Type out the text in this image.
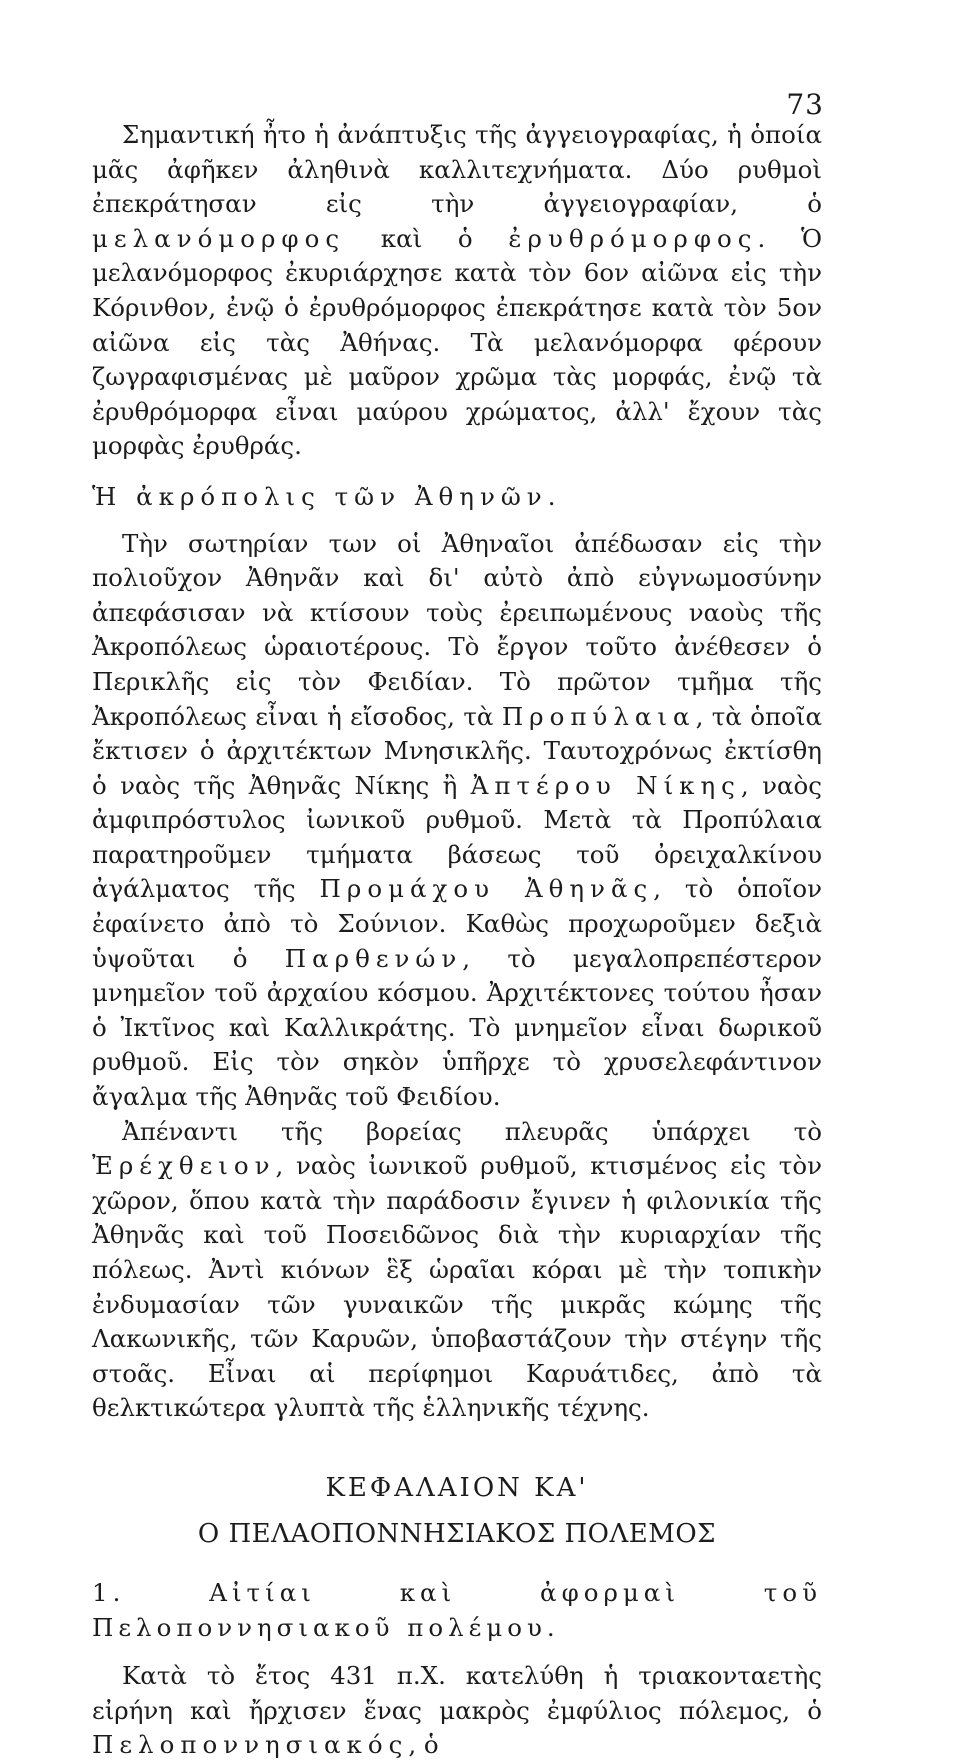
73

Σημαντική ἦτο ἡ ἀνάπτυξις τῆς ἀγγειογραφίας, ἡ ὁποία μᾶς ἀφῆκεν ἀληθινὰ καλλιτεχνήματα. Δύο ρυθμοὶ ἐπεκράτησαν εἰς τὴν ἀγγειογραφίαν, ὁ μελανόμορφος καὶ ὁ ἐρυθρόμορφος. Ὁ μελανόμορφος ἐκυριάρχησε κατὰ τὸν 6ον αἰῶνα εἰς τὴν Κόρινθον, ἐνῷ ὁ ἐρυθρόμορφος ἐπεκράτησε κατὰ τὸν 5ον αἰῶνα εἰς τὰς Ἀθήνας. Τὰ μελανόμορφα φέρουν ζωγραφισμένας μὲ μαῦρον χρῶμα τὰς μορφάς, ἐνῷ τὰ ἐρυθρόμορφα εἶναι μαύρου χρώματος, ἀλλ' ἔχουν τὰς μορφὰς ἐρυθράς.

Ἡ ἀκρόπολις τῶν Ἀθηνῶν.

Τὴν σωτηρίαν των οἱ Ἀθηναῖοι ἀπέδωσαν εἰς τὴν πολιοῦχον Ἀθηνᾶν καὶ δι' αὐτὸ ἀπὸ εὐγνωμοσύνην ἀπεφάσισαν νὰ κτίσουν τοὺς ἐρειπωμένους ναοὺς τῆς Ἀκροπόλεως ὡραιοτέρους. Τὸ ἔργον τοῦτο ἀνέθεσεν ὁ Περικλῆς εἰς τὸν Φειδίαν. Τὸ πρῶτον τμῆμα τῆς Ἀκροπόλεως εἶναι ἡ εἴσοδος, τὰ Προπύλαια, τὰ ὁποῖα ἔκτισεν ὁ ἀρχιτέκτων Μνησικλῆς. Ταυτοχρόνως ἐκτίσθη ὁ ναὸς τῆς Ἀθηνᾶς Νίκης ἢ Ἀπτέρου Νίκης, ναὸς ἀμφιπρόστυλος ἰωνικοῦ ρυθμοῦ. Μετὰ τὰ Προπύλαια παρατηροῦμεν τμήματα βάσεως τοῦ ὀρειχαλκίνου ἀγάλματος τῆς Προμάχου Ἀθηνᾶς, τὸ ὁποῖον ἐφαίνετο ἀπὸ τὸ Σούνιον. Καθὼς προχωροῦμεν δεξιὰ ὑψοῦται ὁ Παρθενών, τὸ μεγαλοπρεπέστερον μνημεῖον τοῦ ἀρχαίου κόσμου. Ἀρχιτέκτονες τούτου ἦσαν ὁ Ἰκτῖνος καὶ Καλλικράτης. Τὸ μνημεῖον εἶναι δωρικοῦ ρυθμοῦ. Εἰς τὸν σηκὸν ὑπῆρχε τὸ χρυσελεφάντινον ἄγαλμα τῆς Ἀθηνᾶς τοῦ Φειδίου.

Ἀπέναντι τῆς βορείας πλευρᾶς ὑπάρχει τὸ Ἐρέχθειον, ναὸς ἰωνικοῦ ρυθμοῦ, κτισμένος εἰς τὸν χῶρον, ὅπου κατὰ τὴν παράδοσιν ἔγινεν ἡ φιλονικία τῆς Ἀθηνᾶς καὶ τοῦ Ποσειδῶνος διὰ τὴν κυριαρχίαν τῆς πόλεως. Ἀντὶ κιόνων ἓξ ὡραῖαι κόραι μὲ τὴν τοπικὴν ἐνδυμασίαν τῶν γυναικῶν τῆς μικρᾶς κώμης τῆς Λακωνικῆς, τῶν Καρυῶν, ὑποβαστάζουν τὴν στέγην τῆς στοᾶς. Εἶναι αἱ περίφημοι Καρυάτιδες, ἀπὸ τὰ θελκτικώτερα γλυπτὰ τῆς ἑλληνικῆς τέχνης.

ΚΕΦΑΛΑΙΟΝ ΚΑ'
Ο ΠΕΛΑΟΠΟΝΝΗΣΙΑΚΟΣ ΠΟΛΕΜΟΣ

1.	Αἰτίαι καὶ ἀφορμαὶ τοῦ Πελοποννησιακοῦ πολέμου.

Κατὰ τὸ ἔτος 431 π.Χ. κατελύθη ἡ τριακονταετὴς εἰρήνη καὶ ἤρχισεν ἕνας μακρὸς ἐμφύλιος πόλεμος, ὁ Πελοποννησιακός, ὁ
